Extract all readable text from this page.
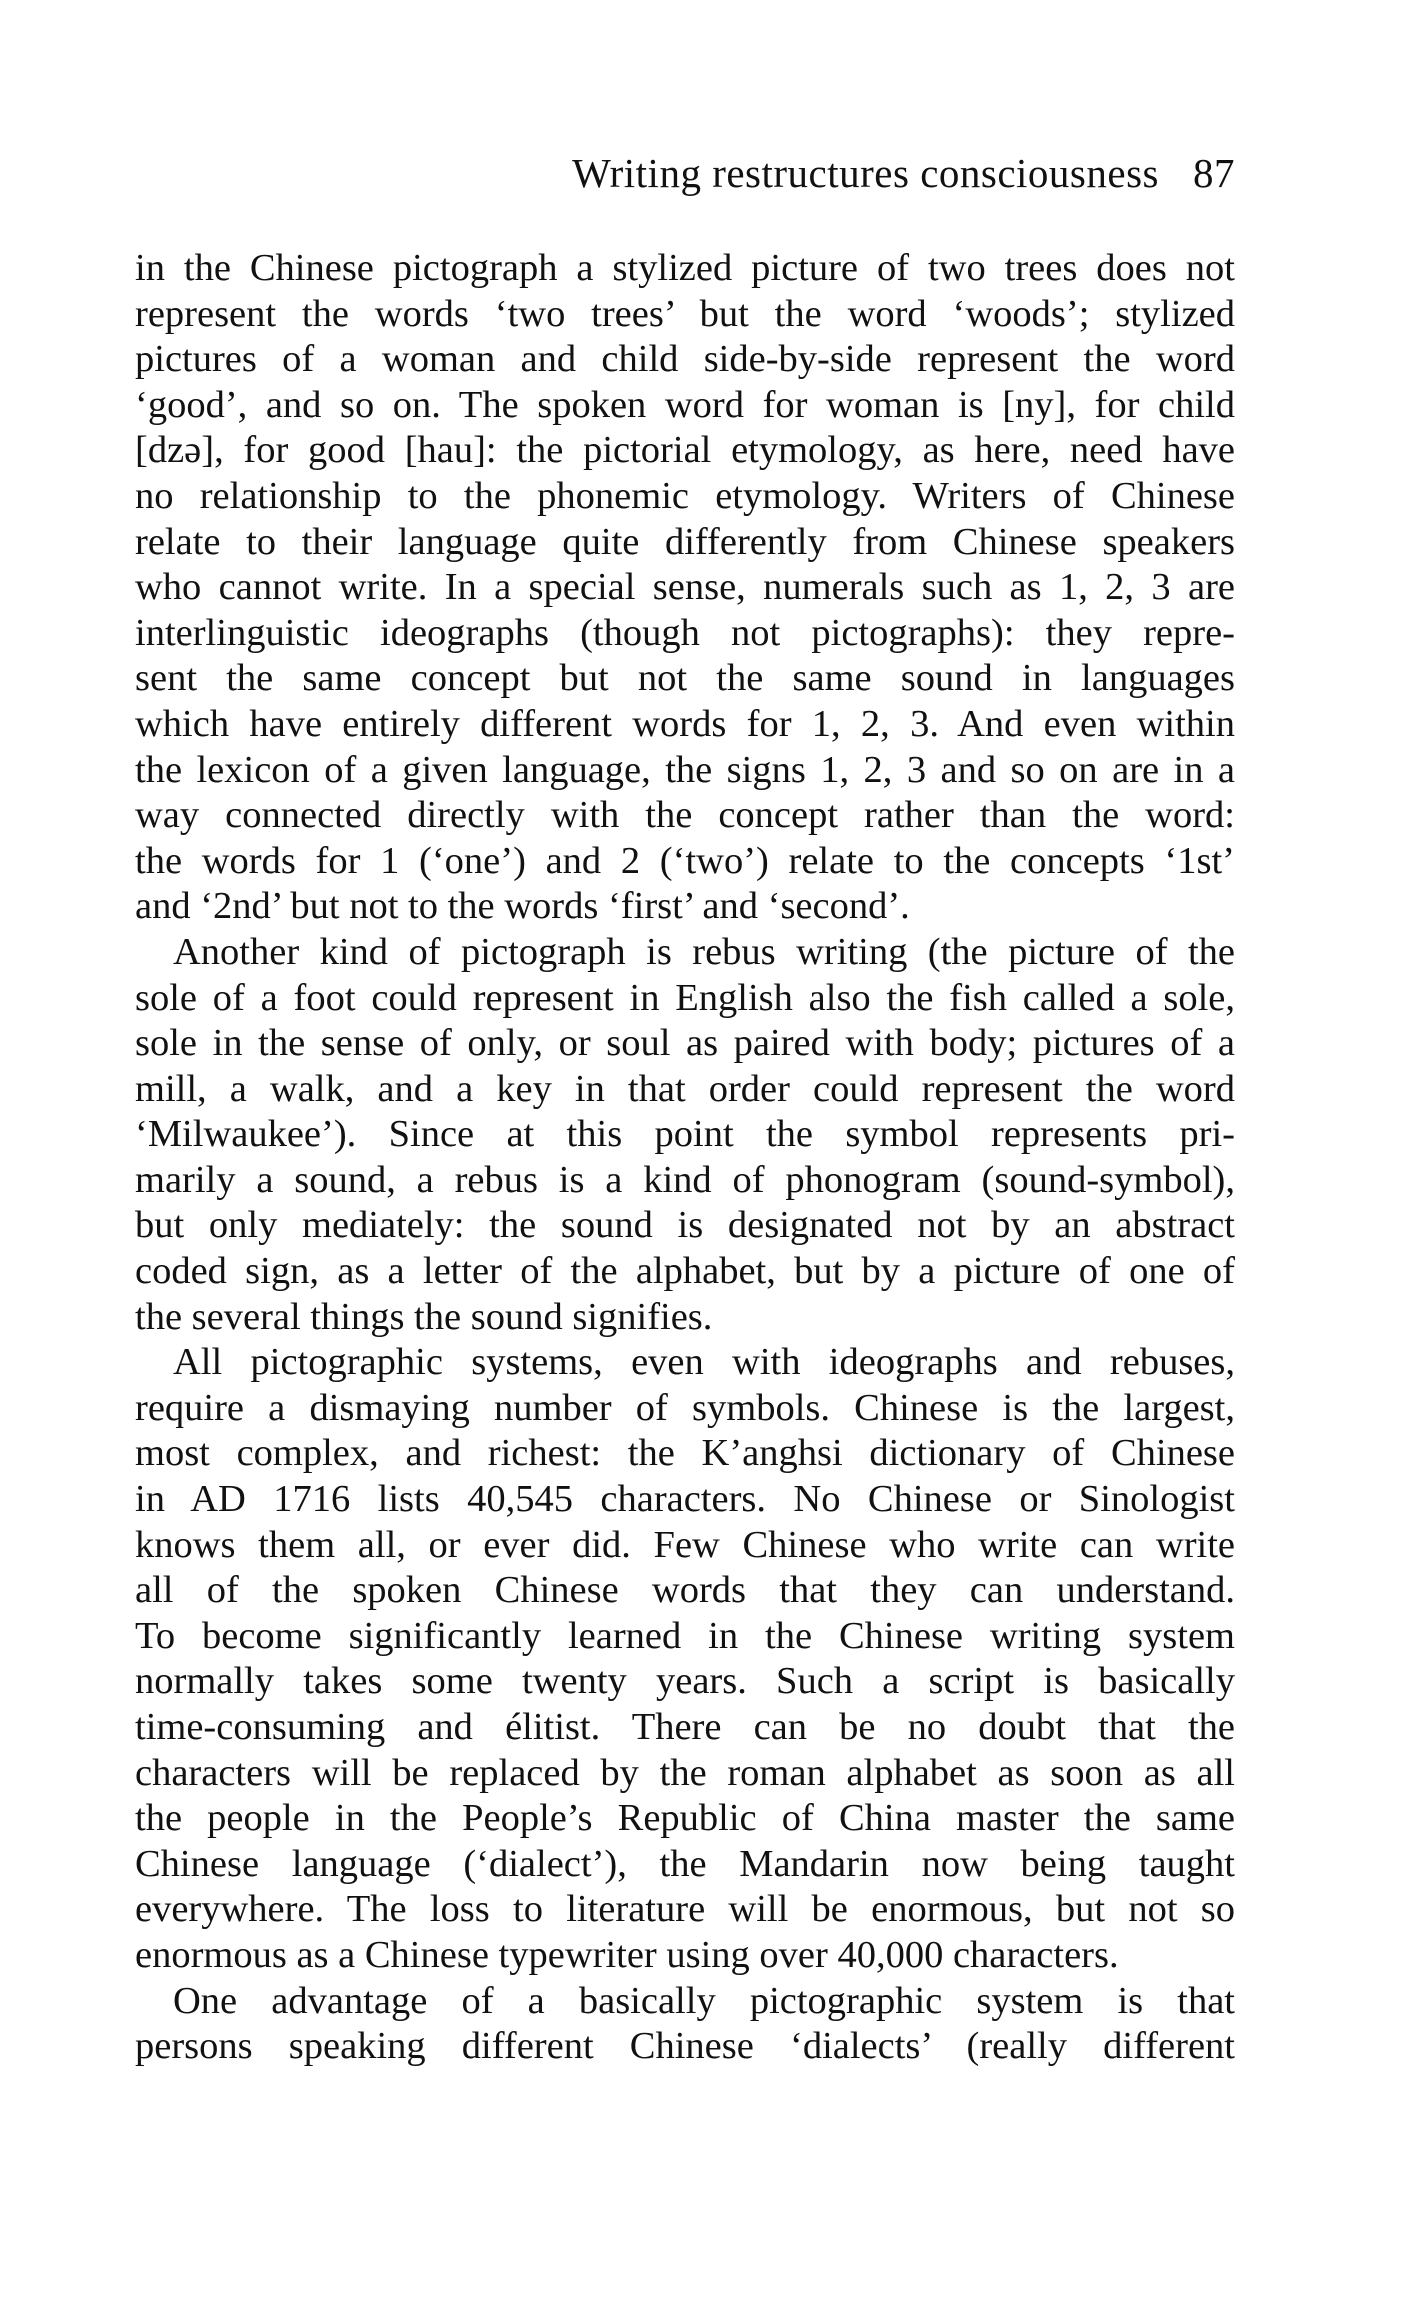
Writing restructures consciousness 87
in the Chinese pictograph a stylized picture of two trees does not
represent the words ‘two trees’ but the word ‘woods’; stylized
pictures of a woman and child side-by-side represent the word
‘good’, and so on. The spoken word for woman is [ny], for child
[dzə], for good [hau]: the pictorial etymology, as here, need have
no relationship to the phonemic etymology. Writers of Chinese
relate to their language quite differently from Chinese speakers
who cannot write. In a special sense, numerals such as 1, 2, 3 are
interlinguistic ideographs (though not pictographs): they repre-
sent the same concept but not the same sound in languages
which have entirely different words for 1, 2, 3. And even within
the lexicon of a given language, the signs 1, 2, 3 and so on are in a
way connected directly with the concept rather than the word:
the words for 1 (‘one’) and 2 (‘two’) relate to the concepts ‘1st’
and ‘2nd’ but not to the words ‘first’ and ‘second’.
Another kind of pictograph is rebus writing (the picture of the
sole of a foot could represent in English also the fish called a sole,
sole in the sense of only, or soul as paired with body; pictures of a
mill, a walk, and a key in that order could represent the word
‘Milwaukee’). Since at this point the symbol represents pri-
marily a sound, a rebus is a kind of phonogram (sound-symbol),
but only mediately: the sound is designated not by an abstract
coded sign, as a letter of the alphabet, but by a picture of one of
the several things the sound signifies.
All pictographic systems, even with ideographs and rebuses,
require a dismaying number of symbols. Chinese is the largest,
most complex, and richest: the K’anghsi dictionary of Chinese
in AD 1716 lists 40,545 characters. No Chinese or Sinologist
knows them all, or ever did. Few Chinese who write can write
all of the spoken Chinese words that they can understand.
To become significantly learned in the Chinese writing system
normally takes some twenty years. Such a script is basically
time-consuming and élitist. There can be no doubt that the
characters will be replaced by the roman alphabet as soon as all
the people in the People’s Republic of China master the same
Chinese language (‘dialect’), the Mandarin now being taught
everywhere. The loss to literature will be enormous, but not so
enormous as a Chinese typewriter using over 40,000 characters.
One advantage of a basically pictographic system is that
persons speaking different Chinese ‘dialects’ (really different
